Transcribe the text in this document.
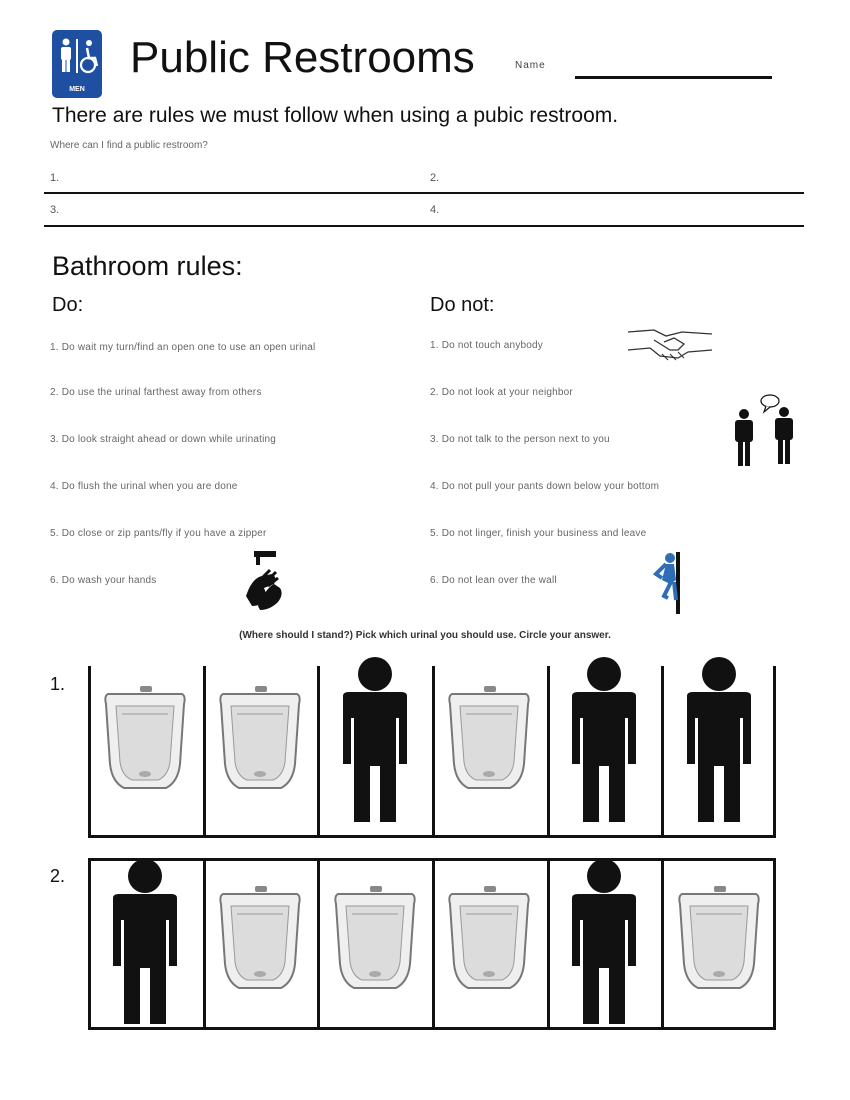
MEN
Public Restrooms	Name
There are rules we must follow when using a pubic restroom.
Where can I find a public restroom?
1.	2.
3.	4.
Bathroom rules:
Do:	Do not:
1. Do wait my turn/find an open one to use an open urinal
2. Do use the urinal farthest away from others
3. Do look straight ahead or down while urinating
4. Do flush the urinal when you are done
5. Do close or zip pants/fly if you have a zipper
6. Do wash your hands
1. Do not touch anybody
2. Do not look at your neighbor
3. Do not talk to the person next to you
4. Do not pull your pants down below your bottom
5. Do not linger, finish your business and leave
6. Do not lean over the wall
(Where should I stand?) Pick which urinal you should use. Circle your answer.
1.
2.
